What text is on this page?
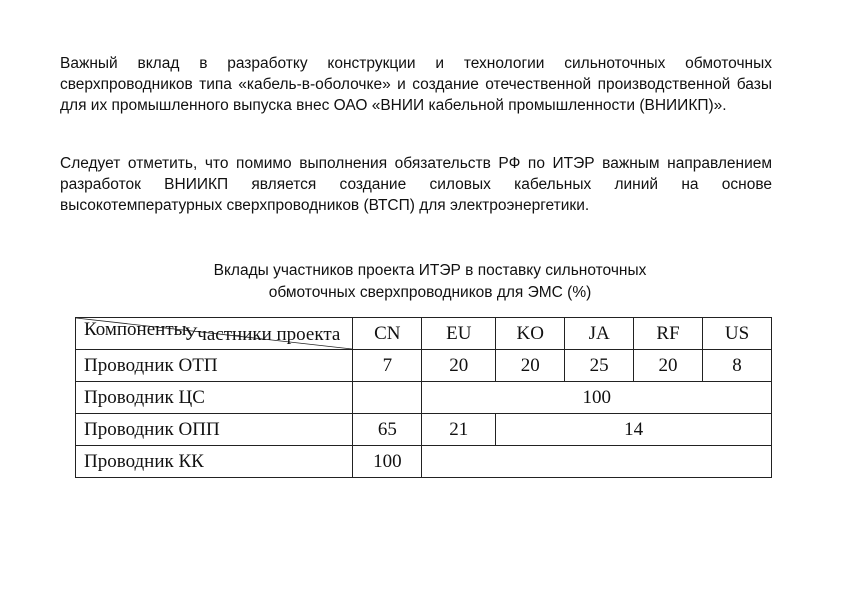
Важный вклад в разработку конструкции и технологии сильноточных обмоточных сверхпроводников типа «кабель-в-оболочке» и создание отечественной производственной базы для их промышленного выпуска внес ОАО «ВНИИ кабельной промышленности (ВНИИКП)».

Следует отметить, что помимо выполнения обязательств РФ по ИТЭР важным направлением разработок ВНИИКП является создание силовых кабельных линий на основе высокотемпературных сверхпроводников (ВТСП) для электроэнергетики.

Вклады участников проекта ИТЭР в поставку сильноточных
обмоточных сверхпроводников для ЭМС (%)

Участники проекта
Компоненты	CN	EU	KO	JA	RF	US
Проводник ОТП	7	20	20	25	20	8
Проводник ЦС		100				
Проводник ОПП	65	21	14			
Проводник КК	100					
